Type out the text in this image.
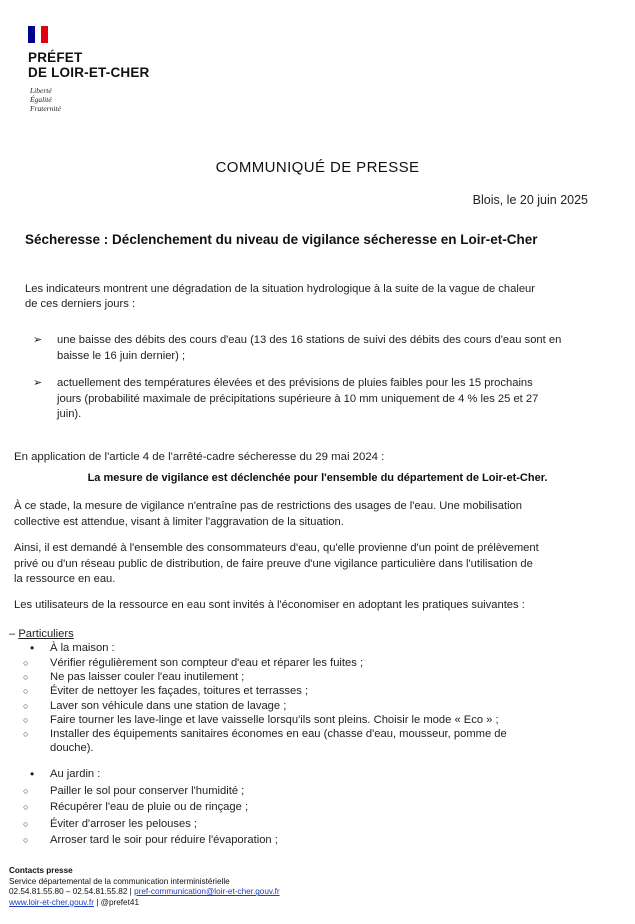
PRÉFET
DE LOIR-ET-CHER
Liberté
Égalité
Fraternité
COMMUNIQUÉ DE PRESSE
Blois, le 20 juin 2025
Sécheresse : Déclenchement du niveau de vigilance sécheresse en Loir-et-Cher
Les indicateurs montrent une dégradation de la situation hydrologique à la suite de la vague de chaleur
de ces derniers jours :
➢ une baisse des débits des cours d'eau (13 des 16 stations de suivi des débits des cours d'eau sont en
baisse le 16 juin dernier) ;
➢ actuellement des températures élevées et des prévisions de pluies faibles pour les 15 prochains
jours (probabilité maximale de précipitations supérieure à 10 mm uniquement de 4 % les 25 et 27
juin).
En application de l'article 4 de l'arrêté-cadre sécheresse du 29 mai 2024 :
La mesure de vigilance est déclenchée pour l'ensemble du département de Loir-et-Cher.
À ce stade, la mesure de vigilance n'entraîne pas de restrictions des usages de l'eau. Une mobilisation
collective est attendue, visant à limiter l'aggravation de la situation.
Ainsi, il est demandé à l'ensemble des consommateurs d'eau, qu'elle provienne d'un point de prélèvement
privé ou d'un réseau public de distribution, de faire preuve d'une vigilance particulière dans l'utilisation de
la ressource en eau.
Les utilisateurs de la ressource en eau sont invités à l'économiser en adoptant les pratiques suivantes :
– Particuliers
• À la maison :
○ Vérifier régulièrement son compteur d'eau et réparer les fuites ;
○ Ne pas laisser couler l'eau inutilement ;
○ Éviter de nettoyer les façades, toitures et terrasses ;
○ Laver son véhicule dans une station de lavage ;
○ Faire tourner les lave-linge et lave vaisselle lorsqu'ils sont pleins. Choisir le mode « Eco » ;
○ Installer des équipements sanitaires économes en eau (chasse d'eau, mousseur, pomme de
douche).
• Au jardin :
○ Pailler le sol pour conserver l'humidité ;
○ Récupérer l'eau de pluie ou de rinçage ;
○ Éviter d'arroser les pelouses ;
○ Arroser tard le soir pour réduire l'évaporation ;
Contacts presse
Service départemental de la communication interministérielle
02.54.81.55.80 – 02.54.81.55.82 | pref-communication@loir-et-cher.gouv.fr
www.loir-et-cher.gouv.fr | @prefet41
